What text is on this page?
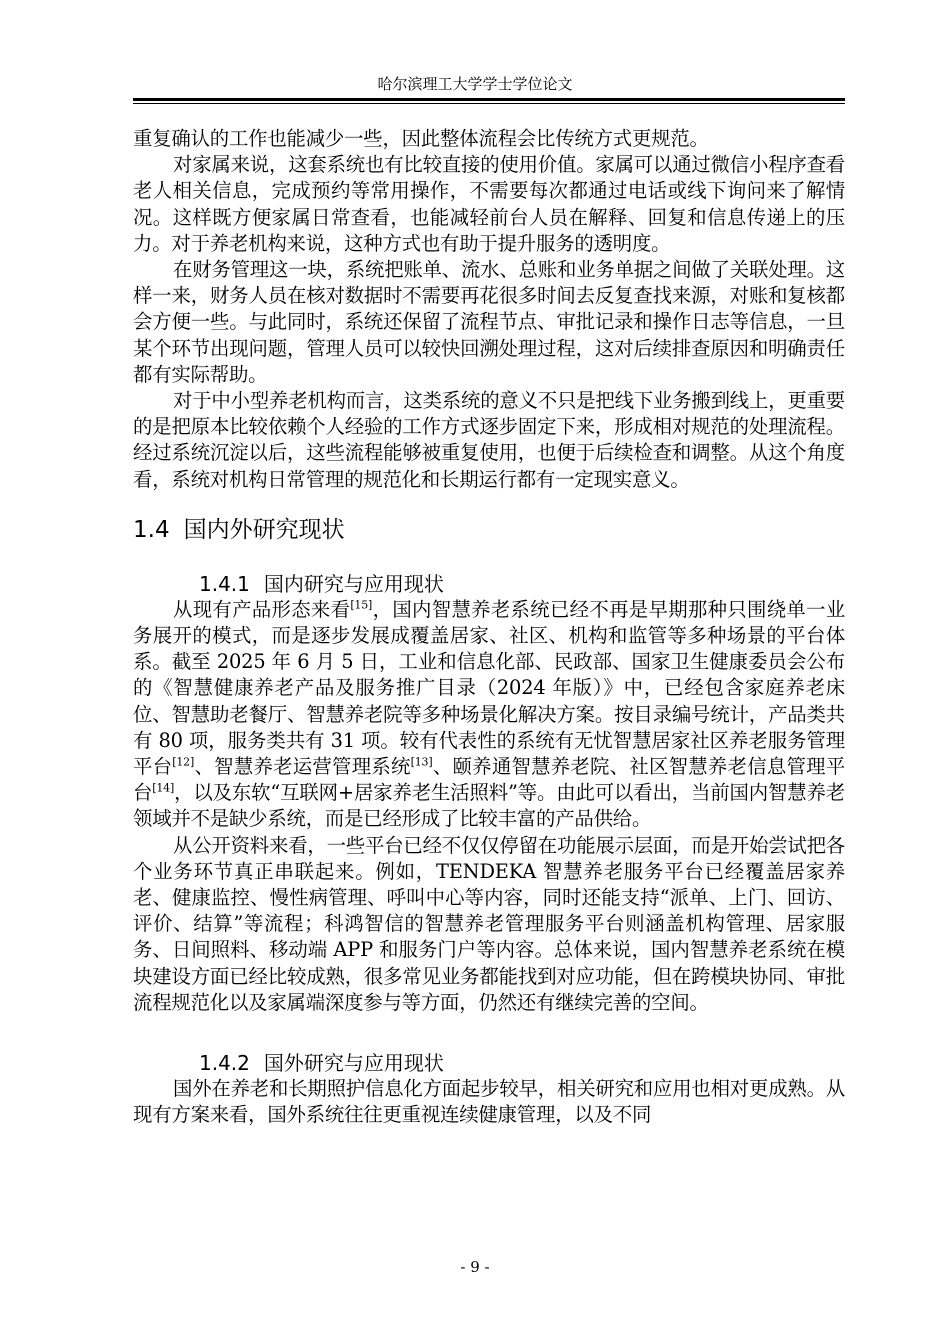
哈尔滨理工大学学士学位论文

重复确认的工作也能减少一些，因此整体流程会比传统方式更规范。

对家属来说，这套系统也有比较直接的使用价值。家属可以通过微信小程序查看老人相关信息，完成预约等常用操作，不需要每次都通过电话或线下询问来了解情况。这样既方便家属日常查看，也能减轻前台人员在解释、回复和信息传递上的压力。对于养老机构来说，这种方式也有助于提升服务的透明度。

在财务管理这一块，系统把账单、流水、总账和业务单据之间做了关联处理。这样一来，财务人员在核对数据时不需要再花很多时间去反复查找来源，对账和复核都会方便一些。与此同时，系统还保留了流程节点、审批记录和操作日志等信息，一旦某个环节出现问题，管理人员可以较快回溯处理过程，这对后续排查原因和明确责任都有实际帮助。

对于中小型养老机构而言，这类系统的意义不只是把线下业务搬到线上，更重要的是把原本比较依赖个人经验的工作方式逐步固定下来，形成相对规范的处理流程。经过系统沉淀以后，这些流程能够被重复使用，也便于后续检查和调整。从这个角度看，系统对机构日常管理的规范化和长期运行都有一定现实意义。

1.4 国内外研究现状
1.4.1 国内研究与应用现状

从现有产品形态来看[15]，国内智慧养老系统已经不再是早期那种只围绕单一业务展开的模式，而是逐步发展成覆盖居家、社区、机构和监管等多种场景的平台体系。截至 2025 年 6 月 5 日，工业和信息化部、民政部、国家卫生健康委员会公布的《智慧健康养老产品及服务推广目录（2024 年版）》中，已经包含家庭养老床位、智慧助老餐厅、智慧养老院等多种场景化解决方案。按目录编号统计，产品类共有 80 项，服务类共有 31 项。较有代表性的系统有无忧智慧居家社区养老服务管理平台[12]、智慧养老运营管理系统[13]、颐养通智慧养老院、社区智慧养老信息管理平台[14]，以及东软“互联网+居家养老生活照料”等。由此可以看出，当前国内智慧养老领域并不是缺少系统，而是已经形成了比较丰富的产品供给。

从公开资料来看，一些平台已经不仅仅停留在功能展示层面，而是开始尝试把各个业务环节真正串联起来。例如，TENDEKA 智慧养老服务平台已经覆盖居家养老、健康监控、慢性病管理、呼叫中心等内容，同时还能支持“派单、上门、回访、评价、结算”等流程；科鸿智信的智慧养老管理服务平台则涵盖机构管理、居家服务、日间照料、移动端 APP 和服务门户等内容。总体来说，国内智慧养老系统在模块建设方面已经比较成熟，很多常见业务都能找到对应功能，但在跨模块协同、审批流程规范化以及家属端深度参与等方面，仍然还有继续完善的空间。

1.4.2 国外研究与应用现状

国外在养老和长期照护信息化方面起步较早，相关研究和应用也相对更成熟。从现有方案来看，国外系统往往更重视连续健康管理，以及不同

- 9 -
